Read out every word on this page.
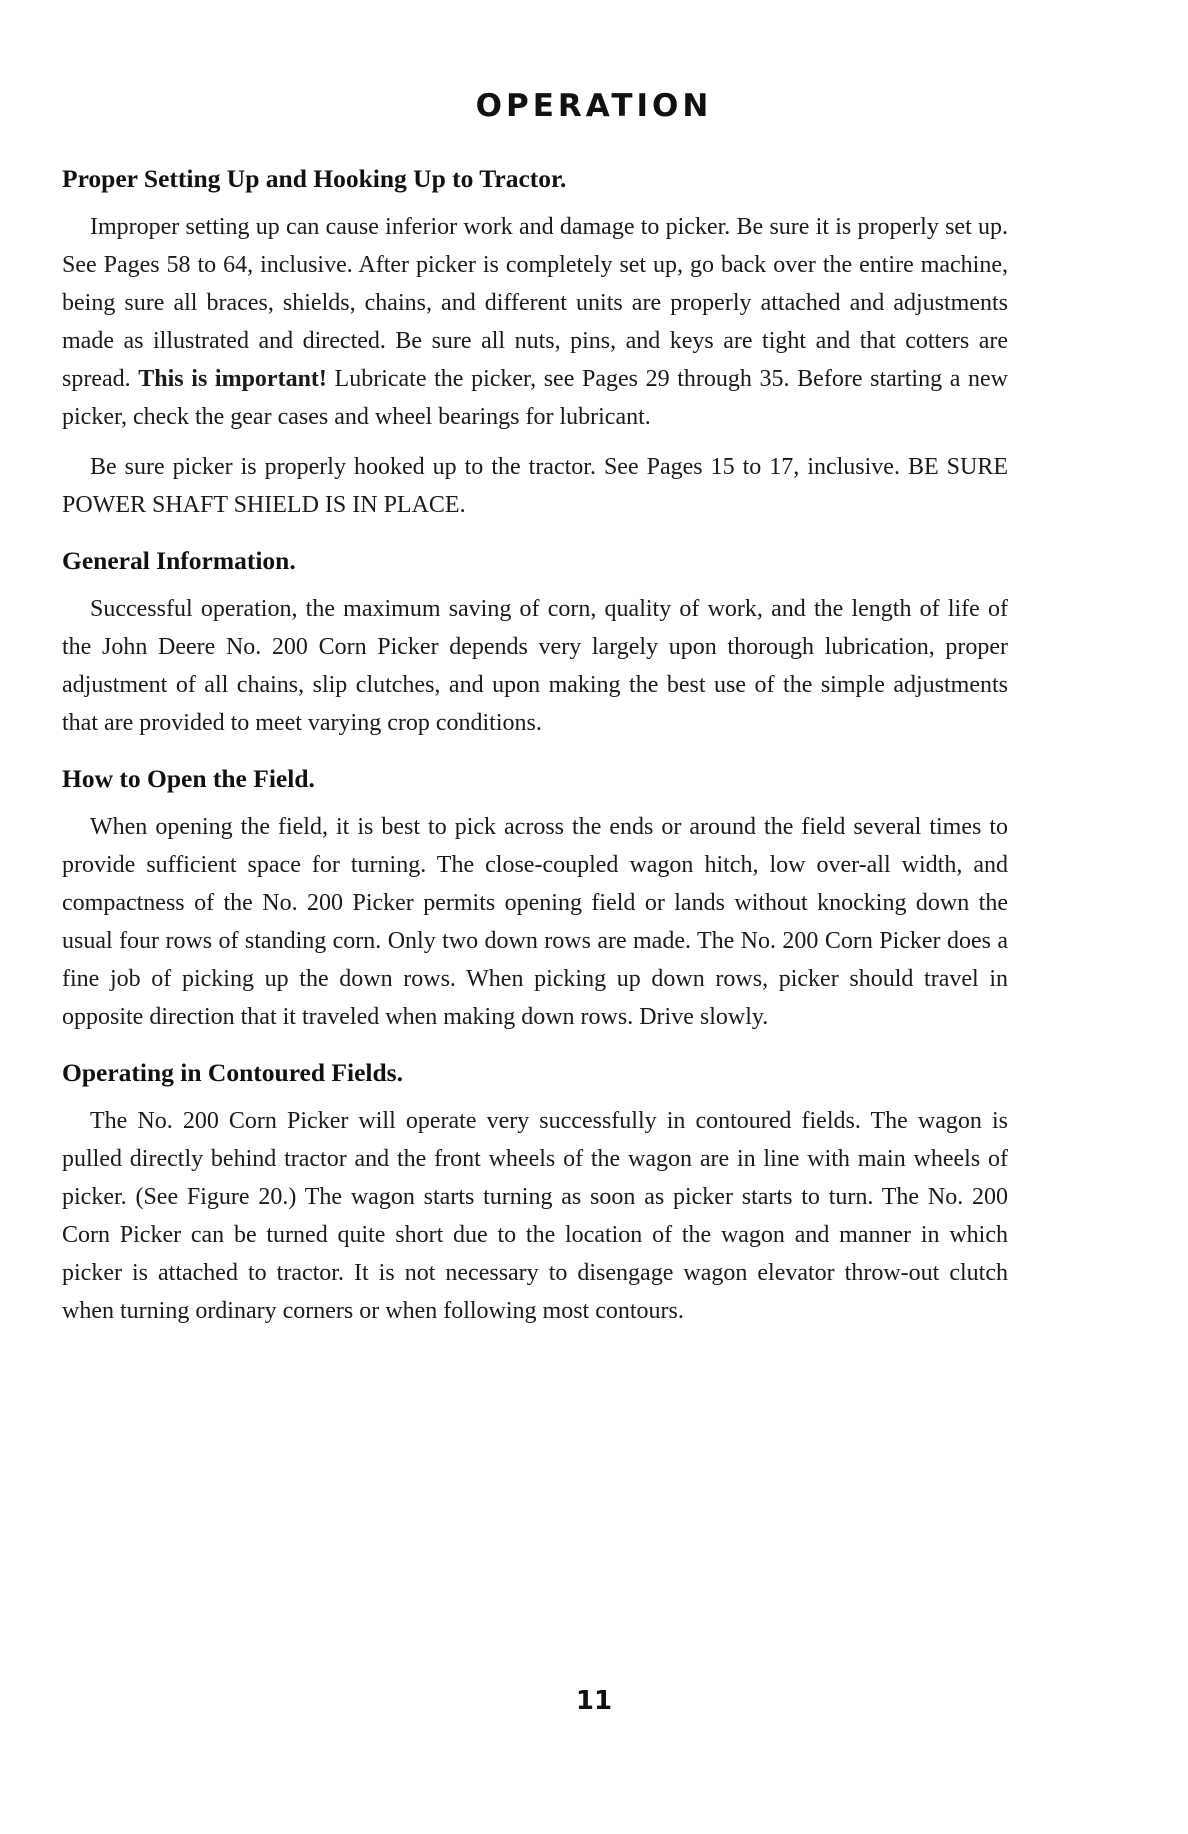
OPERATION
Proper Setting Up and Hooking Up to Tractor.

Improper setting up can cause inferior work and damage to picker. Be sure it is properly set up. See Pages 58 to 64, inclusive. After picker is completely set up, go back over the entire machine, being sure all braces, shields, chains, and different units are properly attached and adjustments made as illustrated and directed. Be sure all nuts, pins, and keys are tight and that cotters are spread. This is important! Lubricate the picker, see Pages 29 through 35. Before starting a new picker, check the gear cases and wheel bearings for lubricant.

Be sure picker is properly hooked up to the tractor. See Pages 15 to 17, inclusive. BE SURE POWER SHAFT SHIELD IS IN PLACE.

General Information.

Successful operation, the maximum saving of corn, quality of work, and the length of life of the John Deere No. 200 Corn Picker depends very largely upon thorough lubrication, proper adjustment of all chains, slip clutches, and upon making the best use of the simple adjustments that are provided to meet varying crop conditions.

How to Open the Field.

When opening the field, it is best to pick across the ends or around the field several times to provide sufficient space for turning. The close-coupled wagon hitch, low over-all width, and compactness of the No. 200 Picker permits opening field or lands without knocking down the usual four rows of standing corn. Only two down rows are made. The No. 200 Corn Picker does a fine job of picking up the down rows. When picking up down rows, picker should travel in opposite direction that it traveled when making down rows. Drive slowly.

Operating in Contoured Fields.

The No. 200 Corn Picker will operate very successfully in contoured fields. The wagon is pulled directly behind tractor and the front wheels of the wagon are in line with main wheels of picker. (See Figure 20.) The wagon starts turning as soon as picker starts to turn. The No. 200 Corn Picker can be turned quite short due to the location of the wagon and manner in which picker is attached to tractor. It is not necessary to disengage wagon elevator throw-out clutch when turning ordinary corners or when following most contours.

11
